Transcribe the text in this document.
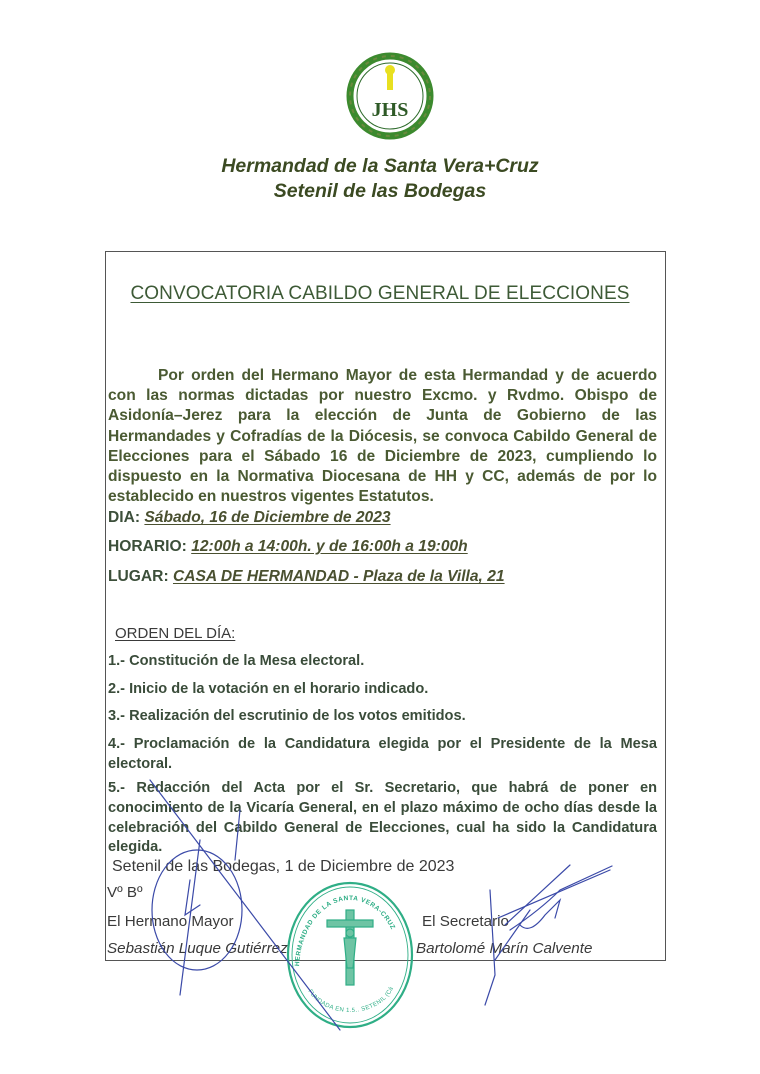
JHS
Hermandad de la Santa Vera+Cruz
Setenil de las Bodegas
CONVOCATORIA CABILDO GENERAL DE ELECCIONES
Por orden del Hermano Mayor de esta Hermandad y de acuerdo con las normas dictadas por nuestro Excmo. y Rvdmo. Obispo de Asidonía–Jerez para la elección de Junta de Gobierno de las Hermandades y Cofradías de la Diócesis, se convoca Cabildo General de Elecciones para el Sábado 16 de Diciembre de 2023, cumpliendo lo dispuesto en la Normativa Diocesana de HH y CC, además de por lo establecido en nuestros vigentes Estatutos.
DIA: Sábado, 16 de Diciembre de 2023
HORARIO: 12:00h a 14:00h. y de 16:00h a 19:00h
LUGAR: CASA DE HERMANDAD - Plaza de la Villa, 21
ORDEN DEL DÍA:
1.- Constitución de la Mesa electoral.
2.- Inicio de la votación en el horario indicado.
3.- Realización del escrutinio de los votos emitidos.
4.- Proclamación de la Candidatura elegida por el Presidente de la Mesa electoral.
5.- Redacción del Acta por el Sr. Secretario, que habrá de poner en conocimiento de la Vicaría General, en el plazo máximo de ocho días desde la celebración del Cabildo General de Elecciones, cual ha sido la Candidatura elegida.
Setenil de las Bodegas, 1 de Diciembre de 2023
Vº Bº
El Hermano Mayor
Sebastián Luque Gutiérrez
El Secretario
Bartolomé Marín Calvente
HERMANDAD DE LA SANTA VERA-CRUZ
FUNDADA EN 1.5.. SETENIL (Cá
